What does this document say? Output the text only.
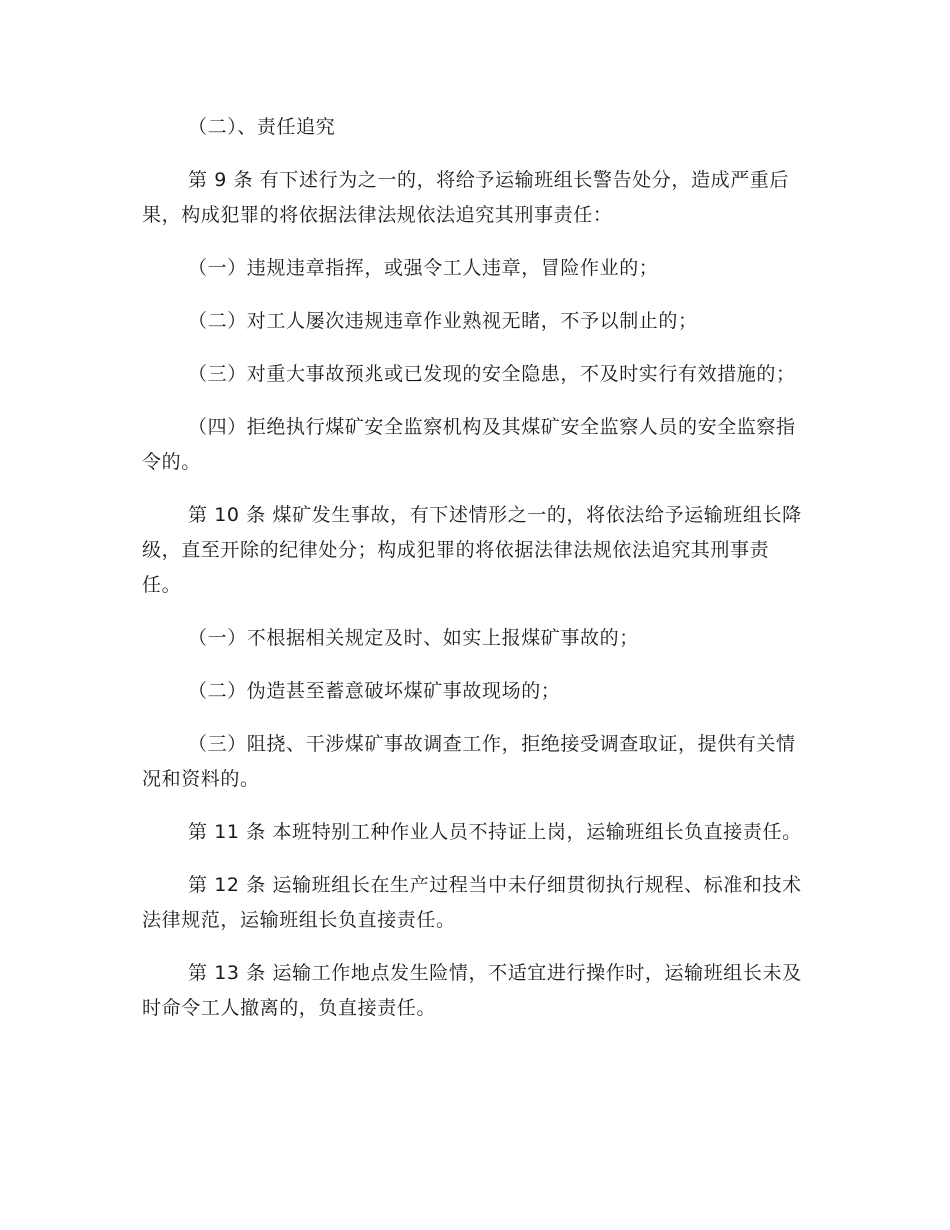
（二）、责任追究

第 9 条 有下述行为之一的，将给予运输班组长警告处分，造成严重后果，构成犯罪的将依据法律法规依法追究其刑事责任：

（一）违规违章指挥，或强令工人违章，冒险作业的；

（二）对工人屡次违规违章作业熟视无睹，不予以制止的；

（三）对重大事故预兆或已发现的安全隐患，不及时实行有效措施的；

（四）拒绝执行煤矿安全监察机构及其煤矿安全监察人员的安全监察指令的。

第 10 条 煤矿发生事故，有下述情形之一的，将依法给予运输班组长降级，直至开除的纪律处分；构成犯罪的将依据法律法规依法追究其刑事责任。

（一）不根据相关规定及时、如实上报煤矿事故的；

（二）伪造甚至蓄意破坏煤矿事故现场的；

（三）阻挠、干涉煤矿事故调查工作，拒绝接受调查取证，提供有关情况和资料的。

第 11 条 本班特别工种作业人员不持证上岗，运输班组长负直接责任。

第 12 条 运输班组长在生产过程当中未仔细贯彻执行规程、标准和技术法律规范，运输班组长负直接责任。

第 13 条 运输工作地点发生险情，不适宜进行操作时，运输班组长未及时命令工人撤离的，负直接责任。
